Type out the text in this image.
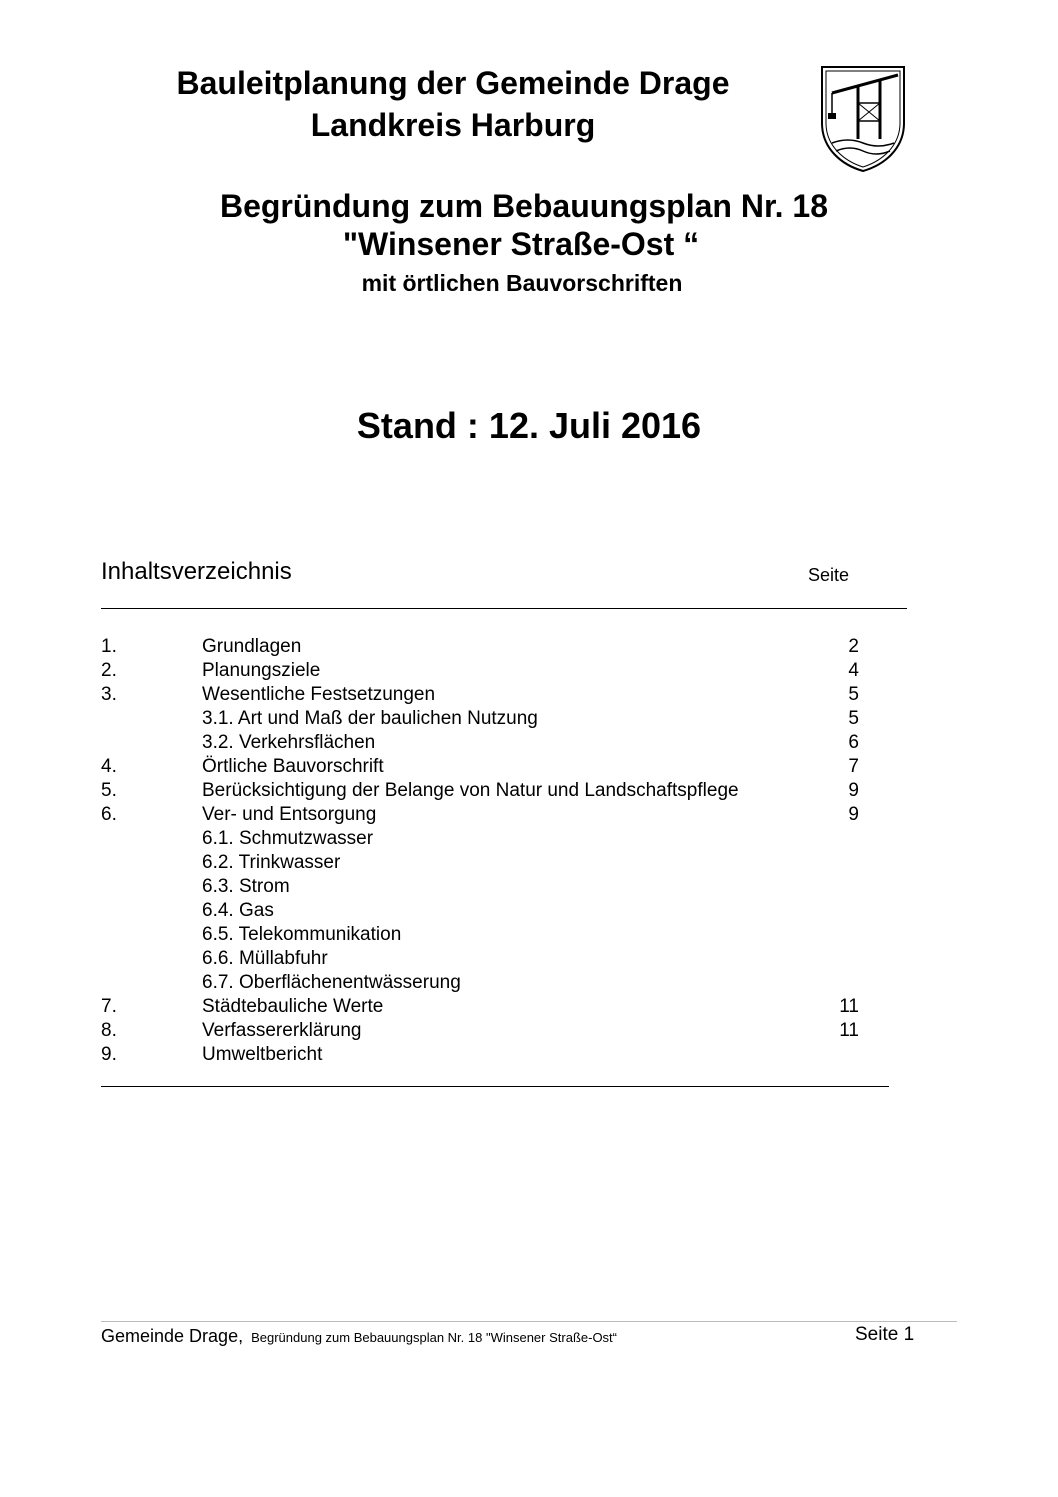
Bauleitplanung der Gemeinde Drage
Landkreis Harburg
Begründung zum Bebauungsplan Nr. 18
"Winsener Straße-Ost “
mit örtlichen Bauvorschriften
Stand : 12. Juli 2016
Inhaltsverzeichnis	Seite
1.	Grundlagen	2
2.	Planungsziele	4
3.	Wesentliche Festsetzungen	5
3.1. Art und Maß der baulichen Nutzung	5
3.2. Verkehrsflächen	6
4.	Örtliche Bauvorschrift	7
5.	Berücksichtigung der Belange von Natur und Landschaftspflege	9
6.	Ver- und Entsorgung	9
6.1. Schmutzwasser
6.2. Trinkwasser
6.3. Strom
6.4. Gas
6.5. Telekommunikation
6.6. Müllabfuhr
6.7. Oberflächenentwässerung
7.	Städtebauliche Werte	11
8.	Verfassererklärung	11
9.	Umweltbericht
Gemeinde Drage, Begründung zum Bebauungsplan Nr. 18 "Winsener Straße-Ost“	Seite 1
